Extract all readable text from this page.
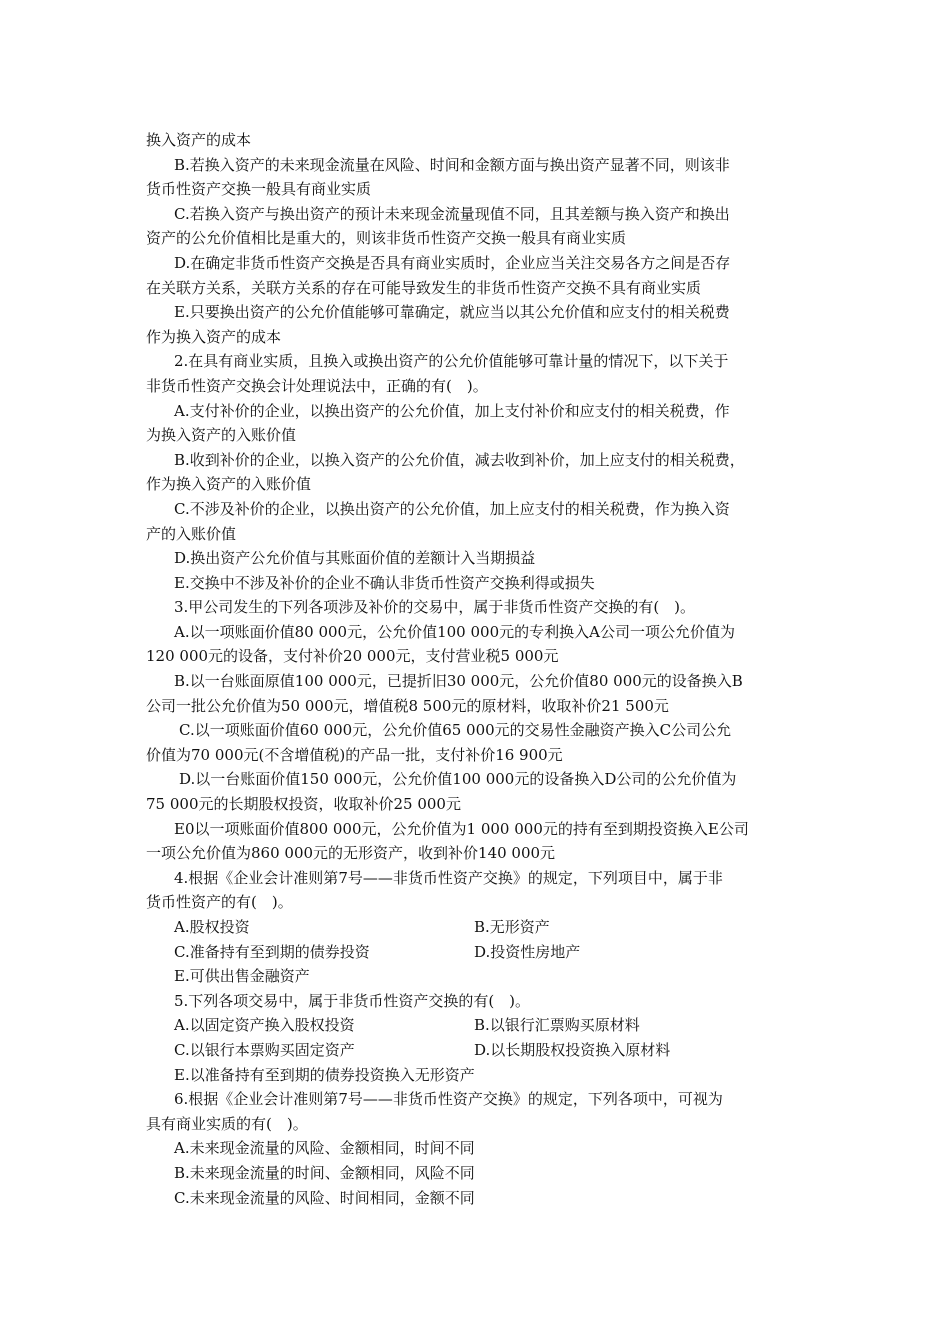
换入资产的成本
B.若换入资产的未来现金流量在风险、时间和金额方面与换出资产显著不同，则该非
货币性资产交换一般具有商业实质
C.若换入资产与换出资产的预计未来现金流量现值不同，且其差额与换入资产和换出
资产的公允价值相比是重大的，则该非货币性资产交换一般具有商业实质
D.在确定非货币性资产交换是否具有商业实质时，企业应当关注交易各方之间是否存
在关联方关系，关联方关系的存在可能导致发生的非货币性资产交换不具有商业实质
E.只要换出资产的公允价值能够可靠确定，就应当以其公允价值和应支付的相关税费
作为换入资产的成本
2.在具有商业实质，且换入或换出资产的公允价值能够可靠计量的情况下，以下关于
非货币性资产交换会计处理说法中，正确的有(　)。
A.支付补价的企业，以换出资产的公允价值，加上支付补价和应支付的相关税费，作
为换入资产的入账价值
B.收到补价的企业，以换入资产的公允价值，减去收到补价，加上应支付的相关税费，
作为换入资产的入账价值
C.不涉及补价的企业，以换出资产的公允价值，加上应支付的相关税费，作为换入资
产的入账价值
D.换出资产公允价值与其账面价值的差额计入当期损益
E.交换中不涉及补价的企业不确认非货币性资产交换利得或损失
3.甲公司发生的下列各项涉及补价的交易中，属于非货币性资产交换的有(　)。
A.以一项账面价值80 000元，公允价值100 000元的专利换入A公司一项公允价值为
120 000元的设备，支付补价20 000元，支付营业税5 000元
B.以一台账面原值100 000元，已提折旧30 000元，公允价值80 000元的设备换入B
公司一批公允价值为50 000元，增值税8 500元的原材料，收取补价21 500元
C.以一项账面价值60 000元，公允价值65 000元的交易性金融资产换入C公司公允
价值为70 000元(不含增值税)的产品一批，支付补价16 900元
D.以一台账面价值150 000元，公允价值100 000元的设备换入D公司的公允价值为
75 000元的长期股权投资，收取补价25 000元
E0以一项账面价值800 000元，公允价值为1 000 000元的持有至到期投资换入E公司
一项公允价值为860 000元的无形资产，收到补价140 000元
4.根据《企业会计准则第7号——非货币性资产交换》的规定，下列项目中，属于非
货币性资产的有(　)。
A.股权投资	B.无形资产
C.准备持有至到期的债券投资	D.投资性房地产
E.可供出售金融资产
5.下列各项交易中，属于非货币性资产交换的有(　)。
A.以固定资产换入股权投资	B.以银行汇票购买原材料
C.以银行本票购买固定资产	D.以长期股权投资换入原材料
E.以准备持有至到期的债券投资换入无形资产
6.根据《企业会计准则第7号——非货币性资产交换》的规定，下列各项中，可视为
具有商业实质的有(　)。
A.未来现金流量的风险、金额相同，时间不同
B.未来现金流量的时间、金额相同，风险不同
C.未来现金流量的风险、时间相同，金额不同
